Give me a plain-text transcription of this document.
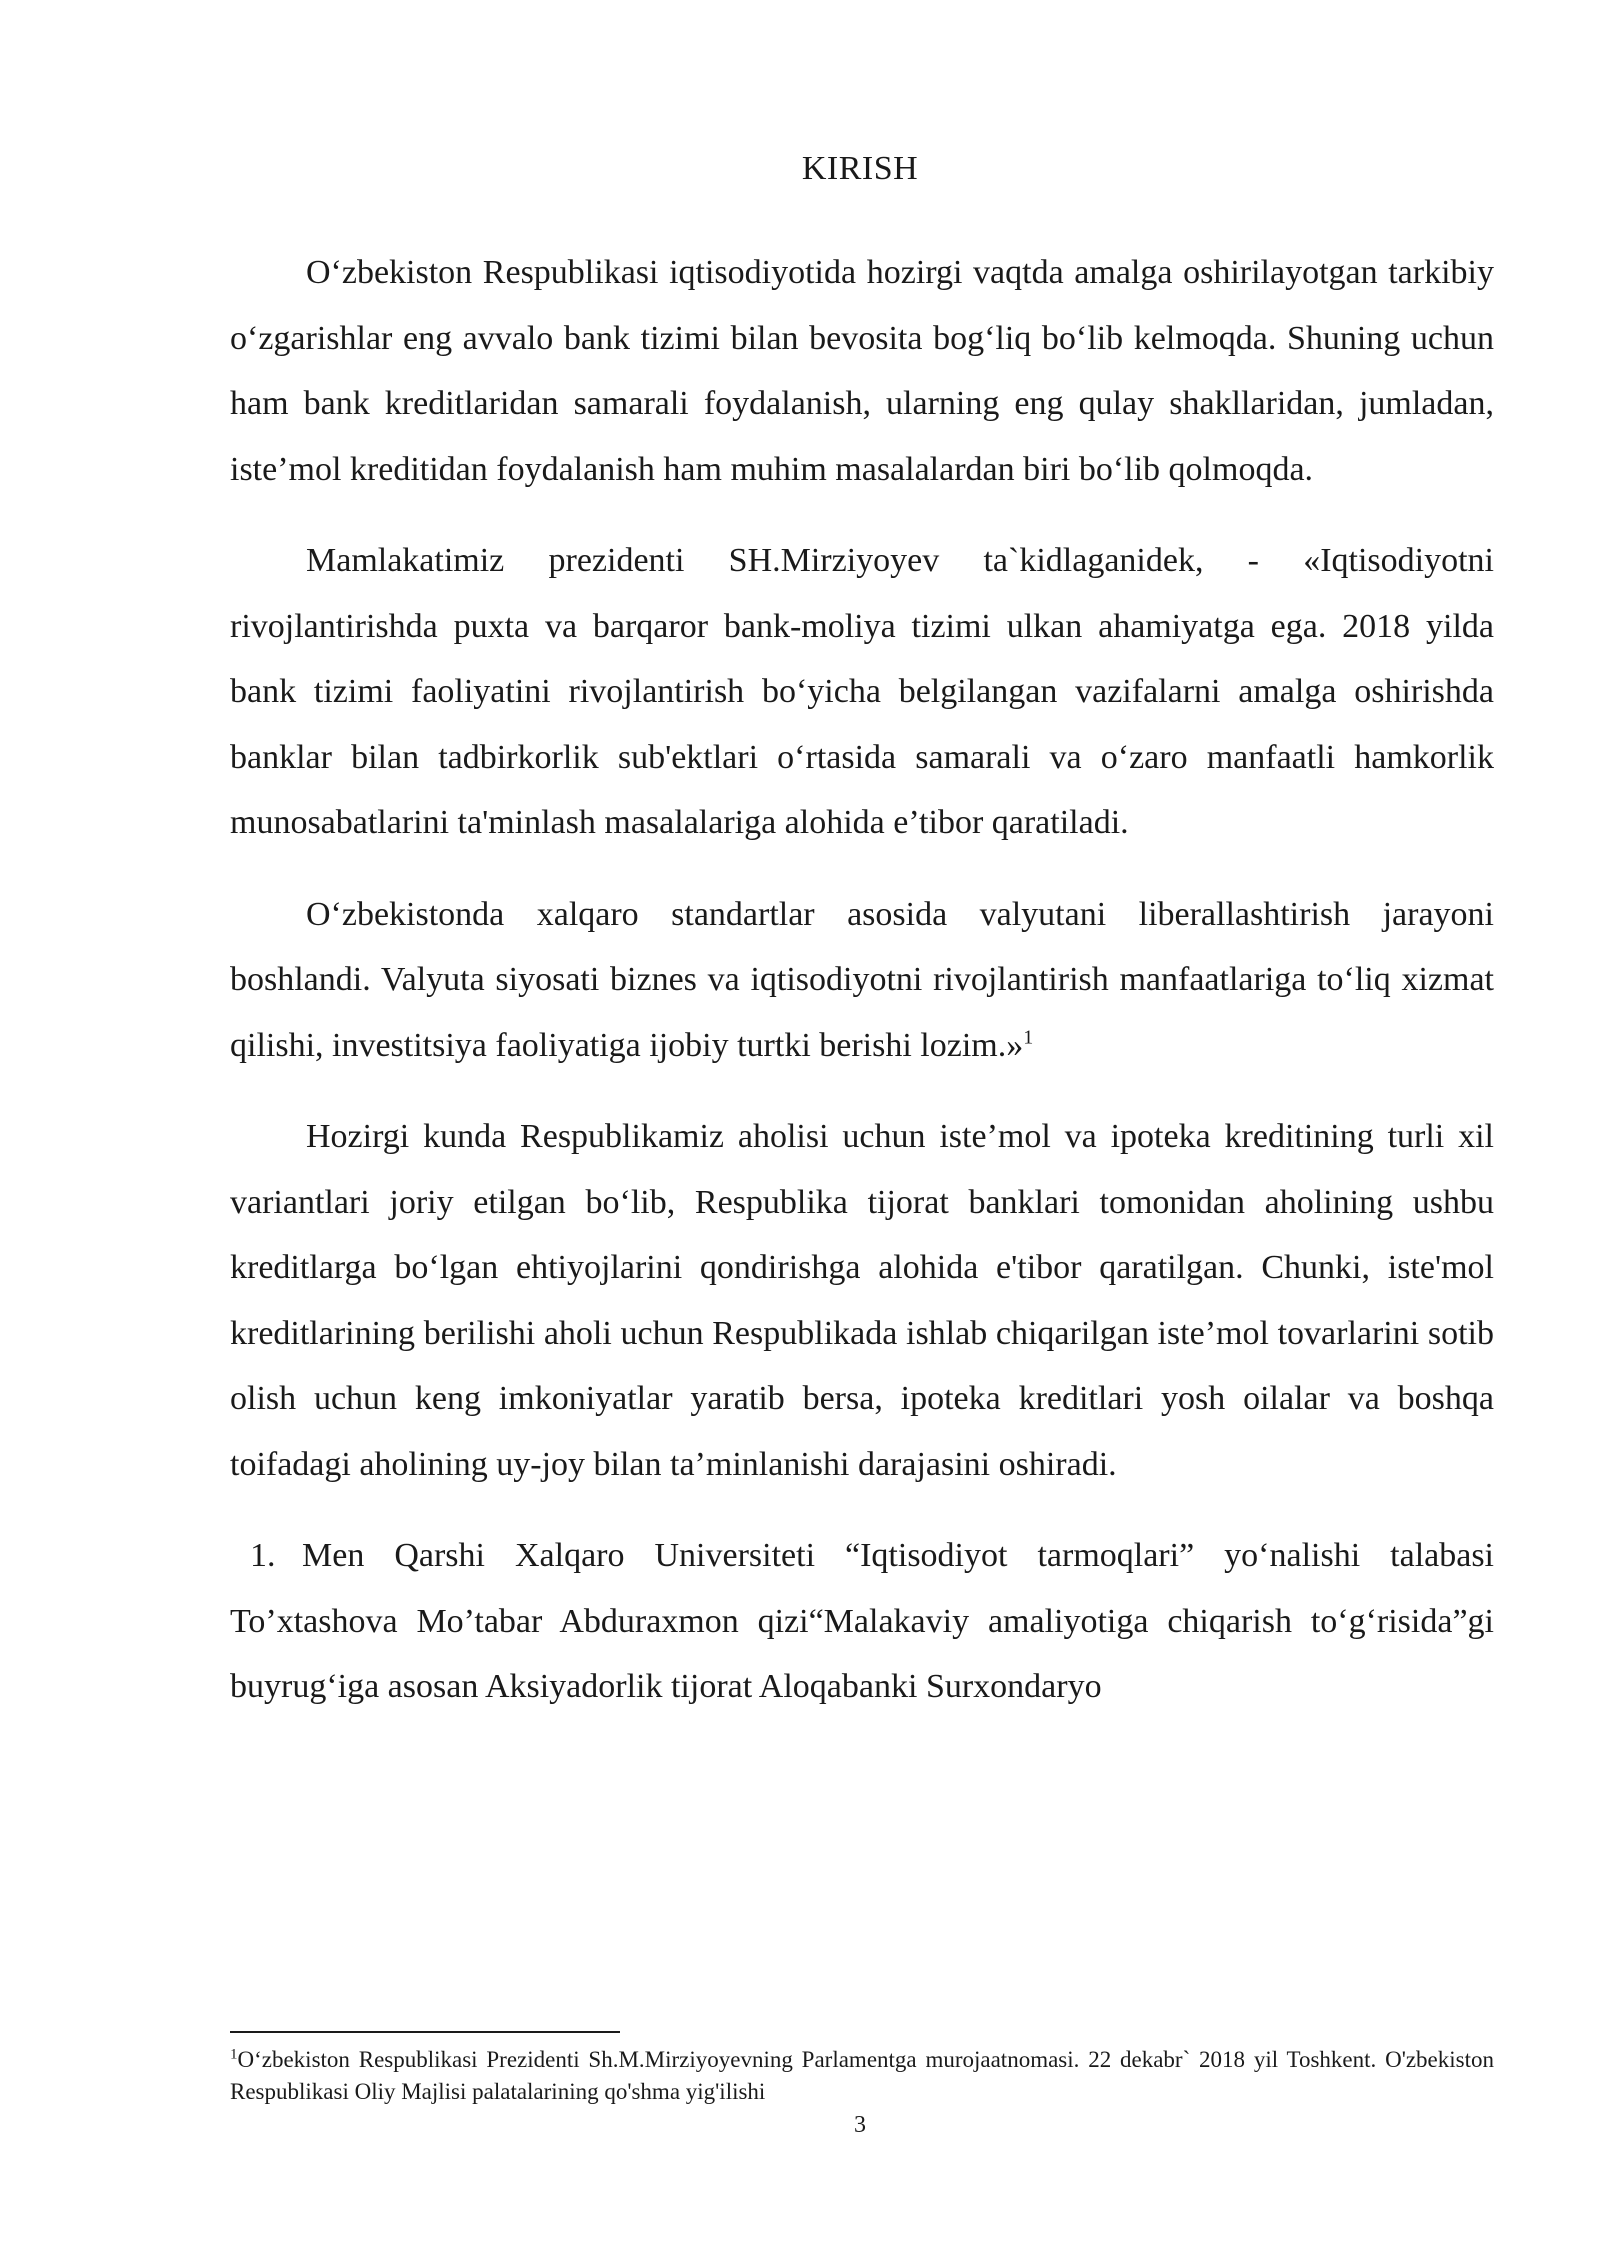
KIRISH

O‘zbekiston Respublikasi iqtisodiyotida hozirgi vaqtda amalga oshirilayotgan tarkibiy o‘zgarishlar eng avvalo bank tizimi bilan bevosita bog‘liq bo‘lib kelmoqda. Shuning uchun ham bank kreditlaridan samarali foydalanish, ularning eng qulay shakllaridan, jumladan, iste’mol kreditidan foydalanish ham muhim masalalardan biri bo‘lib qolmoqda.

Mamlakatimiz prezidenti SH.Mirziyoyev ta`kidlaganidek, - «Iqtisodiyotni rivojlantirishda puxta va barqaror bank-moliya tizimi ulkan ahamiyatga ega. 2018 yilda bank tizimi faoliyatini rivojlantirish bo‘yicha belgilangan vazifalarni amalga oshirishda banklar bilan tadbirkorlik sub'ektlari o‘rtasida samarali va o‘zaro manfaatli hamkorlik munosabatlarini ta'minlash masalalariga alohida e’tibor qaratiladi.

O‘zbekistonda xalqaro standartlar asosida valyutani liberallashtirish jarayoni boshlandi. Valyuta siyosati biznes va iqtisodiyotni rivojlantirish manfaatlariga to‘liq xizmat qilishi, investitsiya faoliyatiga ijobiy turtki berishi lozim.»$^1$

Hozirgi kunda Respublikamiz aholisi uchun iste’mol va ipoteka kreditining turli xil variantlari joriy etilgan bo‘lib, Respublika tijorat banklari tomonidan aholining ushbu kreditlarga bo‘lgan ehtiyojlarini qondirishga alohida e'tibor qaratilgan. Chunki, iste'mol kreditlarining berilishi aholi uchun Respublikada ishlab chiqarilgan iste’mol tovarlarini sotib olish uchun keng imkoniyatlar yaratib bersa, ipoteka kreditlari yosh oilalar va boshqa toifadagi aholining uy-joy bilan ta’minlanishi darajasini oshiradi.

1. Men Qarshi Xalqaro Universiteti “Iqtisodiyot tarmoqlari” yo‘nalishi talabasi To’xtashova Mo’tabar Abduraxmon qizi“Malakaviy amaliyotiga chiqarish to‘g‘risida”gi buyrug‘iga asosan Aksiyadorlik tijorat Aloqabanki Surxondaryo

$^1$O‘zbekiston Respublikasi Prezidenti Sh.M.Mirziyoyevning Parlamentga murojaatnomasi. 22 dekabr` 2018 yil Toshkent. O'zbekiston Respublikasi Oliy Majlisi palatalarining qo'shma yig'ilishi

3
